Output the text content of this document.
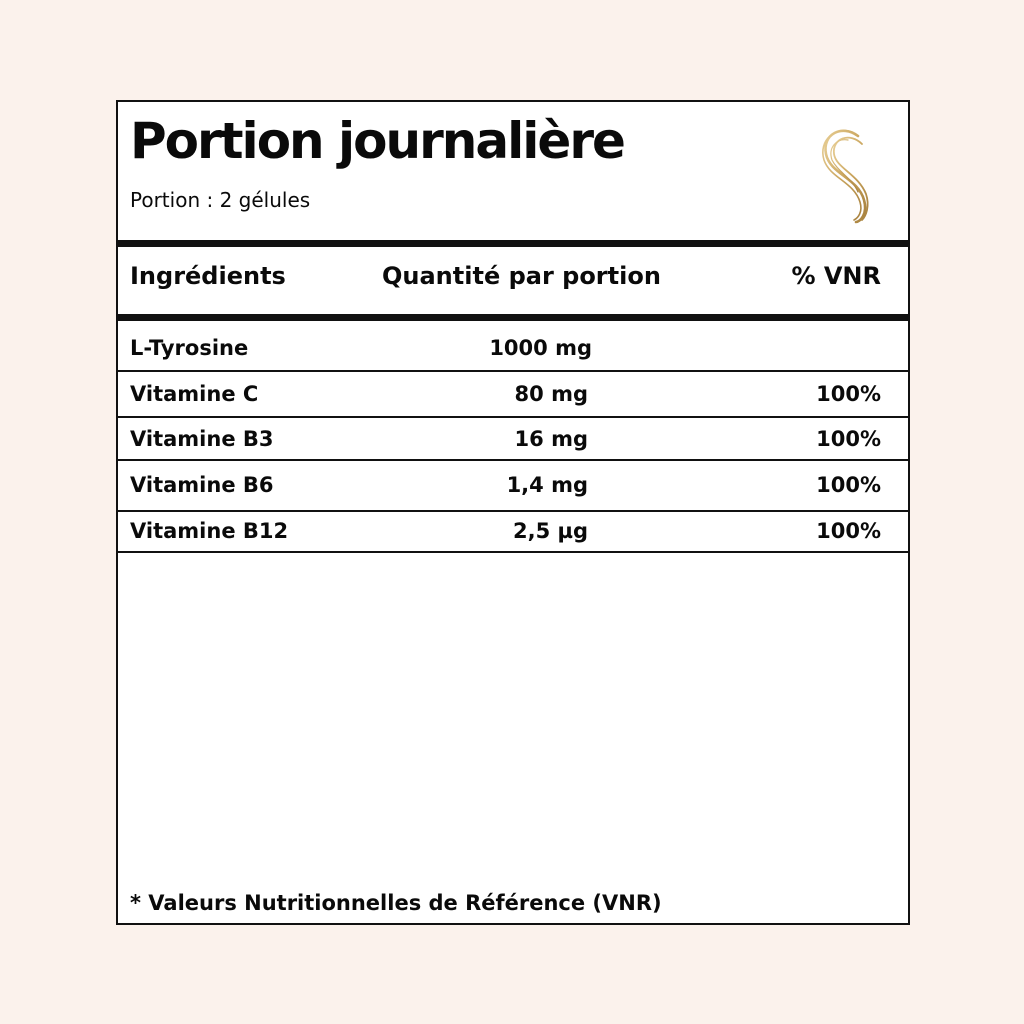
Portion journalière
Portion : 2 gélules
Ingrédients	Quantité par portion	% VNR
L-Tyrosine	1000 mg
Vitamine C	80 mg	100%
Vitamine B3	16 mg	100%
Vitamine B6	1,4 mg	100%
Vitamine B12	2,5 µg	100%
* Valeurs Nutritionnelles de Référence (VNR)
